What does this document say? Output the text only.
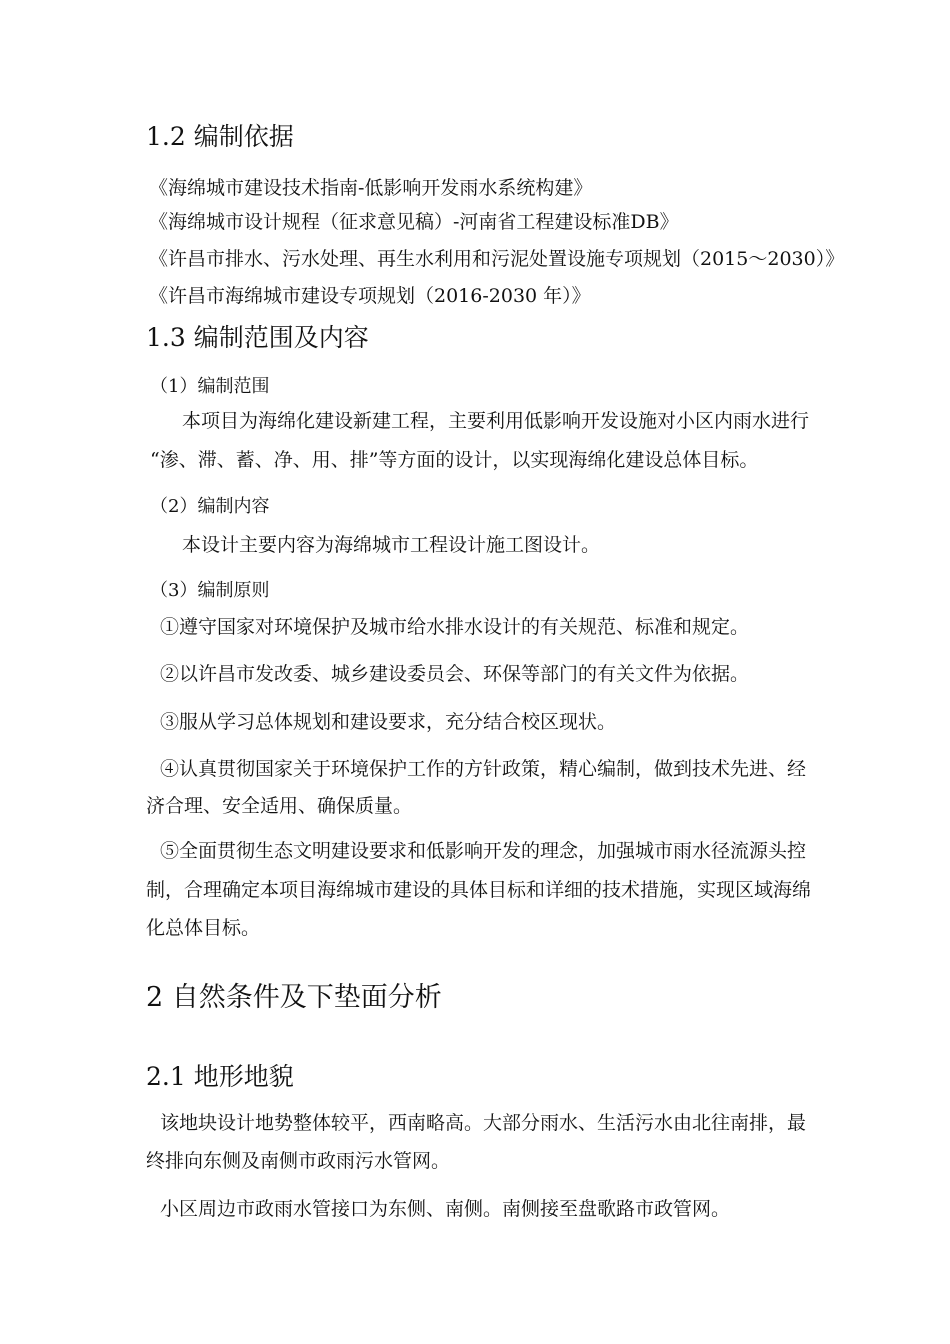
1.2 编制依据
《海绵城市建设技术指南-低影响开发雨水系统构建》
《海绵城市设计规程（征求意见稿）-河南省工程建设标准DB》
《许昌市排水、污水处理、再生水利用和污泥处置设施专项规划（2015～2030）》
《许昌市海绵城市建设专项规划（2016-2030 年）》
1.3 编制范围及内容
（1）编制范围
本项目为海绵化建设新建工程，主要利用低影响开发设施对小区内雨水进行
“渗、滞、蓄、净、用、排”等方面的设计，以实现海绵化建设总体目标。
（2）编制内容
本设计主要内容为海绵城市工程设计施工图设计。
（3）编制原则
①遵守国家对环境保护及城市给水排水设计的有关规范、标准和规定。
②以许昌市发改委、城乡建设委员会、环保等部门的有关文件为依据。
③服从学习总体规划和建设要求，充分结合校区现状。
④认真贯彻国家关于环境保护工作的方针政策，精心编制，做到技术先进、经
济合理、安全适用、确保质量。
⑤全面贯彻生态文明建设要求和低影响开发的理念，加强城市雨水径流源头控
制，合理确定本项目海绵城市建设的具体目标和详细的技术措施，实现区域海绵
化总体目标。
2 自然条件及下垫面分析
2.1 地形地貌
该地块设计地势整体较平，西南略高。大部分雨水、生活污水由北往南排，最
终排向东侧及南侧市政雨污水管网。
小区周边市政雨水管接口为东侧、南侧。南侧接至盘歌路市政管网。
